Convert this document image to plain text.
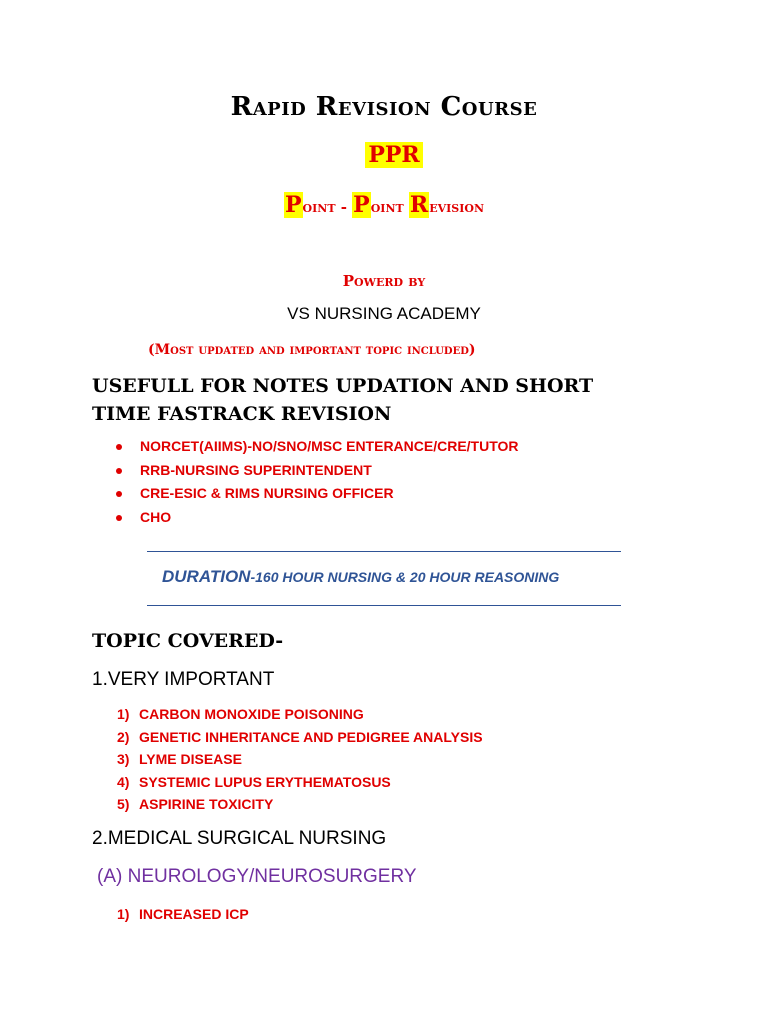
Rapid Revision Course
PPR
Point - Point Revision
Powerd by
VS NURSING ACADEMY
(Most updated and important topic included)
USEFULL FOR NOTES UPDATION AND SHORT
TIME FASTRACK REVISION
NORCET(AIIMS)-NO/SNO/MSC ENTERANCE/CRE/TUTOR
RRB-NURSING SUPERINTENDENT
CRE-ESIC & RIMS NURSING OFFICER
CHO
DURATION-160 HOUR NURSING & 20 HOUR REASONING
TOPIC COVERED-
1.VERY IMPORTANT
1) CARBON MONOXIDE POISONING
2) GENETIC INHERITANCE AND PEDIGREE ANALYSIS
3) LYME DISEASE
4) SYSTEMIC LUPUS ERYTHEMATOSUS
5) ASPIRINE TOXICITY
2.MEDICAL SURGICAL NURSING
(A) NEUROLOGY/NEUROSURGERY
1) INCREASED ICP
